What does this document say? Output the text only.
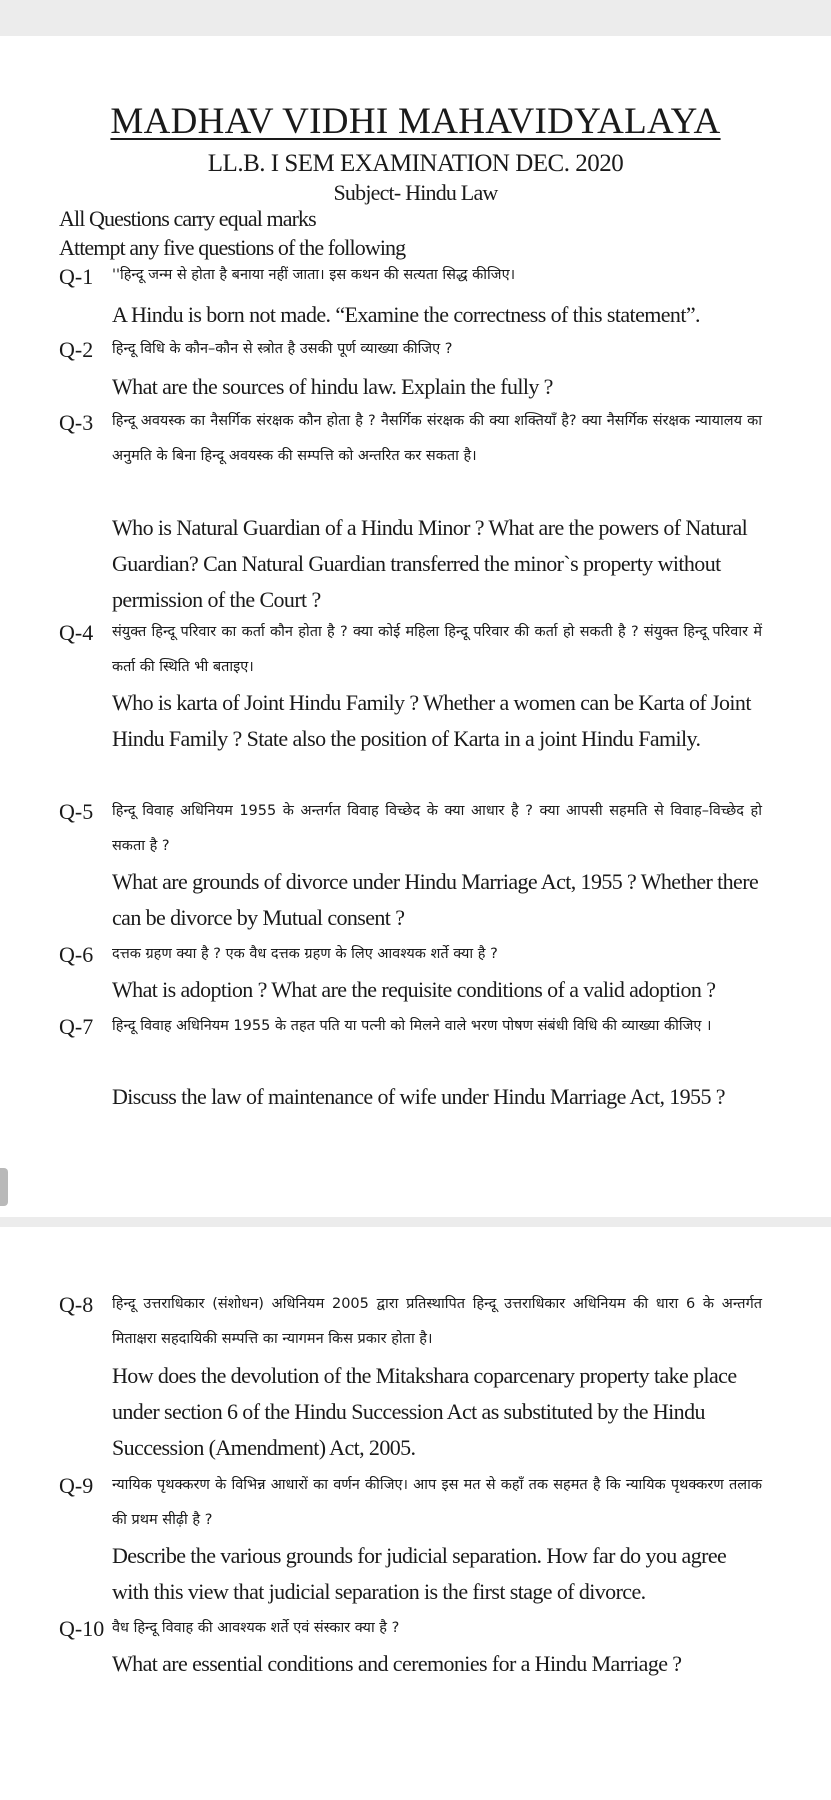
MADHAV VIDHI MAHAVIDYALAYA
LL.B. I SEM EXAMINATION DEC. 2020
Subject- Hindu Law
All Questions carry equal marks
Attempt any five questions of the following
Q-1 ''हिन्दू जन्म से होता है बनाया नहीं जाता। इस कथन की सत्यता सिद्ध कीजिए।
A Hindu is born not made. “Examine the correctness of this statement”.
Q-2 हिन्दू विधि के कौन–कौन से स्त्रोत है उसकी पूर्ण व्याख्या कीजिए ?
What are the sources of hindu law. Explain the fully ?
Q-3 हिन्दू अवयस्क का नैसर्गिक संरक्षक कौन होता है ? नैसर्गिक संरक्षक की क्या शक्तियॉं है? क्या नैसर्गिक संरक्षक न्यायालय का अनुमति के बिना हिन्दू अवयस्क की सम्पत्ति को अन्तरित कर सकता है।
Who is Natural Guardian of a Hindu Minor ? What are the powers of Natural Guardian? Can Natural Guardian transferred the minor`s property without permission of the Court ?
Q-4 संयुक्त हिन्दू परिवार का कर्ता कौन होता है ? क्या कोई महिला हिन्दू परिवार की कर्ता हो सकती है ? संयुक्त हिन्दू परिवार में कर्ता की स्थिति भी बताइए।
Who is karta of Joint Hindu Family ? Whether a women can be Karta of Joint Hindu Family ? State also the position of Karta in a joint Hindu Family.
Q-5 हिन्दू विवाह अधिनियम 1955 के अन्तर्गत विवाह विच्छेद के क्या आधार है ? क्या आपसी सहमति से विवाह–विच्छेद हो सकता है ?
What are grounds of divorce under Hindu Marriage Act, 1955 ? Whether there can be divorce by Mutual consent ?
Q-6 दत्तक ग्रहण क्या है ? एक वैध दत्तक ग्रहण के लिए आवश्यक शर्ते क्या है ?
What is adoption ? What are the requisite conditions of a valid adoption ?
Q-7 हिन्दू विवाह अधिनियम 1955 के तहत पति या पत्नी को मिलने वाले भरण पोषण संबंधी विधि की व्याख्या कीजिए ।
Discuss the law of maintenance of wife under Hindu Marriage Act, 1955 ?
Q-8 हिन्दू उत्तराधिकार (संशोधन) अधिनियम 2005 द्वारा प्रतिस्थापित हिन्दू उत्तराधिकार अधिनियम की धारा 6 के अन्तर्गत मिताक्षरा सहदायिकी सम्पत्ति का न्यागमन किस प्रकार होता है।
How does the devolution of the Mitakshara coparcenary property take place under section 6 of the Hindu Succession Act as substituted by the Hindu Succession (Amendment) Act, 2005.
Q-9 न्यायिक पृथक्करण के विभिन्न आधारों का वर्णन कीजिए। आप इस मत से कहॉं तक सहमत है कि न्यायिक पृथक्करण तलाक की प्रथम सीढ़ी है ?
Describe the various grounds for judicial separation. How far do you agree with this view that judicial separation is the first stage of divorce.
Q-10 वैध हिन्दू विवाह की आवश्यक शर्ते एवं संस्कार क्या है ?
What are essential conditions and ceremonies for a Hindu Marriage ?
